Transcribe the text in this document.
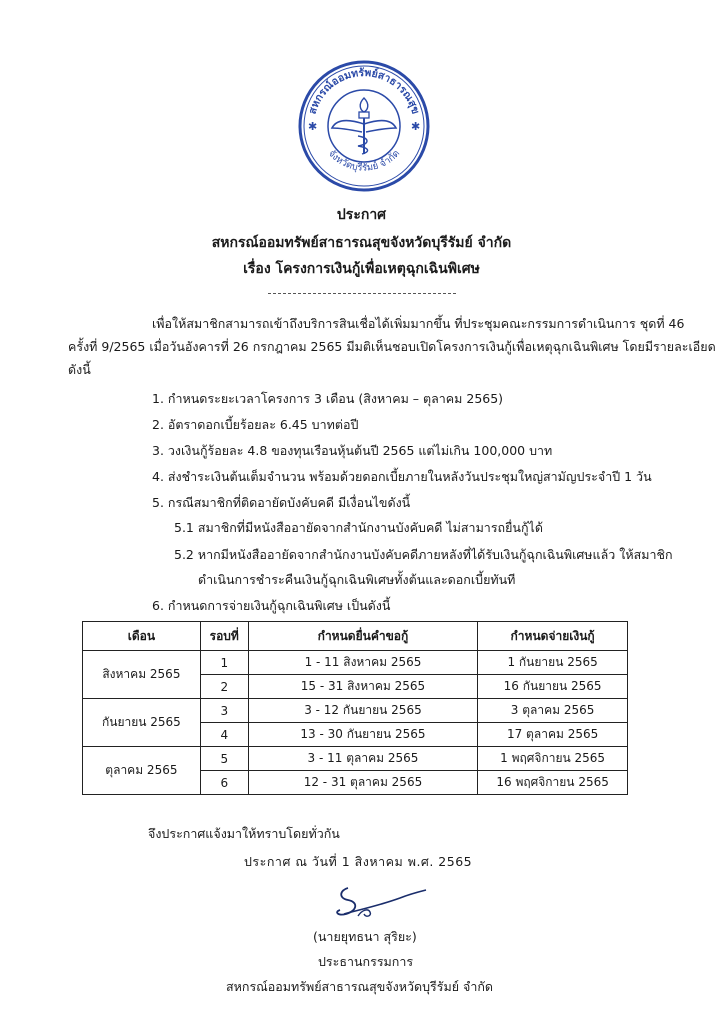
สหกรณ์ออมทรัพย์สาธารณสุข
จังหวัดบุรีรัมย์ จำกัด
✱	✱
ประกาศ
สหกรณ์ออมทรัพย์สาธารณสุขจังหวัดบุรีรัมย์ จำกัด
เรื่อง โครงการเงินกู้เพื่อเหตุฉุกเฉินพิเศษ
เพื่อให้สมาชิกสามารถเข้าถึงบริการสินเชื่อได้เพิ่มมากขึ้น ที่ประชุมคณะกรรมการดำเนินการ ชุดที่ 46
ครั้งที่ 9/2565 เมื่อวันอังคารที่ 26 กรกฎาคม 2565 มีมติเห็นชอบเปิดโครงการเงินกู้เพื่อเหตุฉุกเฉินพิเศษ โดยมีรายละเอียด
ดังนี้
1. กำหนดระยะเวลาโครงการ 3 เดือน (สิงหาคม – ตุลาคม 2565)
2. อัตราดอกเบี้ยร้อยละ 6.45 บาทต่อปี
3. วงเงินกู้ร้อยละ 4.8 ของทุนเรือนหุ้นต้นปี 2565 แต่ไม่เกิน 100,000 บาท
4. ส่งชำระเงินต้นเต็มจำนวน พร้อมด้วยดอกเบี้ยภายในหลังวันประชุมใหญ่สามัญประจำปี 1 วัน
5. กรณีสมาชิกที่ติดอายัดบังคับคดี มีเงื่อนไขดังนี้
5.1 สมาชิกที่มีหนังสืออายัดจากสำนักงานบังคับคดี ไม่สามารถยื่นกู้ได้
5.2 หากมีหนังสืออายัดจากสำนักงานบังคับคดีภายหลังที่ได้รับเงินกู้ฉุกเฉินพิเศษแล้ว ให้สมาชิก
ดำเนินการชำระคืนเงินกู้ฉุกเฉินพิเศษทั้งต้นและดอกเบี้ยทันที
6. กำหนดการจ่ายเงินกู้ฉุกเฉินพิเศษ เป็นดังนี้
เดือน	รอบที่	กำหนดยื่นคำขอกู้	กำหนดจ่ายเงินกู้
สิงหาคม 2565	1	1 - 11 สิงหาคม 2565	1 กันยายน 2565
	2	15 - 31 สิงหาคม 2565	16 กันยายน 2565
กันยายน 2565	3	3 - 12 กันยายน 2565	3 ตุลาคม 2565
	4	13 - 30 กันยายน 2565	17 ตุลาคม 2565
ตุลาคม 2565	5	3 - 11 ตุลาคม 2565	1 พฤศจิกายน 2565
	6	12 - 31 ตุลาคม 2565	16 พฤศจิกายน 2565
จึงประกาศแจ้งมาให้ทราบโดยทั่วกัน
ประกาศ ณ วันที่ 1 สิงหาคม พ.ศ. 2565
(นายยุทธนา สุริยะ)
ประธานกรรมการ
สหกรณ์ออมทรัพย์สาธารณสุขจังหวัดบุรีรัมย์ จำกัด
